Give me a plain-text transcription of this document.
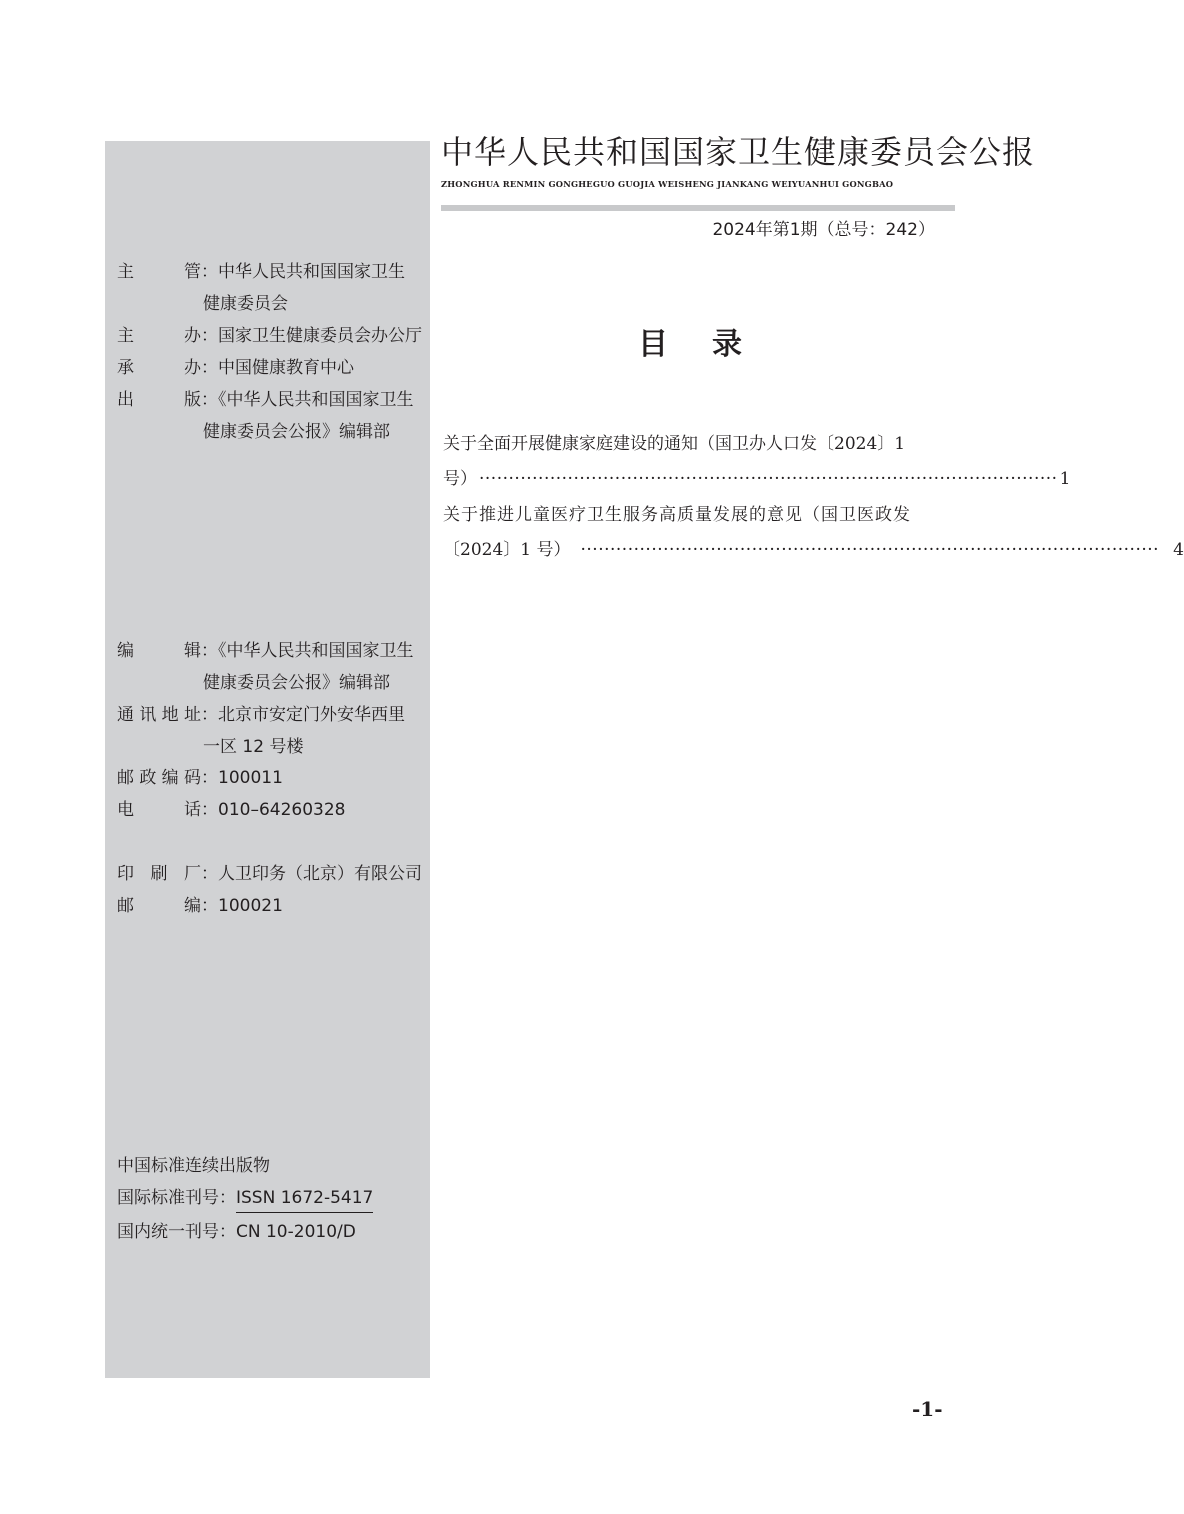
主　　管：中华人民共和国国家卫生
健康委员会
主　　办：国家卫生健康委员会办公厅
承　　办：中国健康教育中心
出　　版：《中华人民共和国国家卫生
健康委员会公报》编辑部
编　　辑：《中华人民共和国国家卫生
健康委员会公报》编辑部
通讯地址：北京市安定门外安华西里
一区 12 号楼
邮政编码：100011
电　　话：010–64260328
印 刷 厂：人卫印务（北京）有限公司
邮　　编：100021
中国标准连续出版物
国际标准刊号：ISSN 1672-5417
国内统一刊号：CN 10-2010/D
中华人民共和国国家卫生健康委员会公报
ZHONGHUA RENMIN GONGHEGUO GUOJIA WEISHENG JIANKANG WEIYUANHUI GONGBAO
2024年第1期（总号：242）
目录
关于全面开展健康家庭建设的通知（国卫办人口发〔2024〕1
号） ·································································································· 1
关于推进儿童医疗卫生服务高质量发展的意见（国卫医政发
〔2024〕1 号） ·································································································· 4
-1-
